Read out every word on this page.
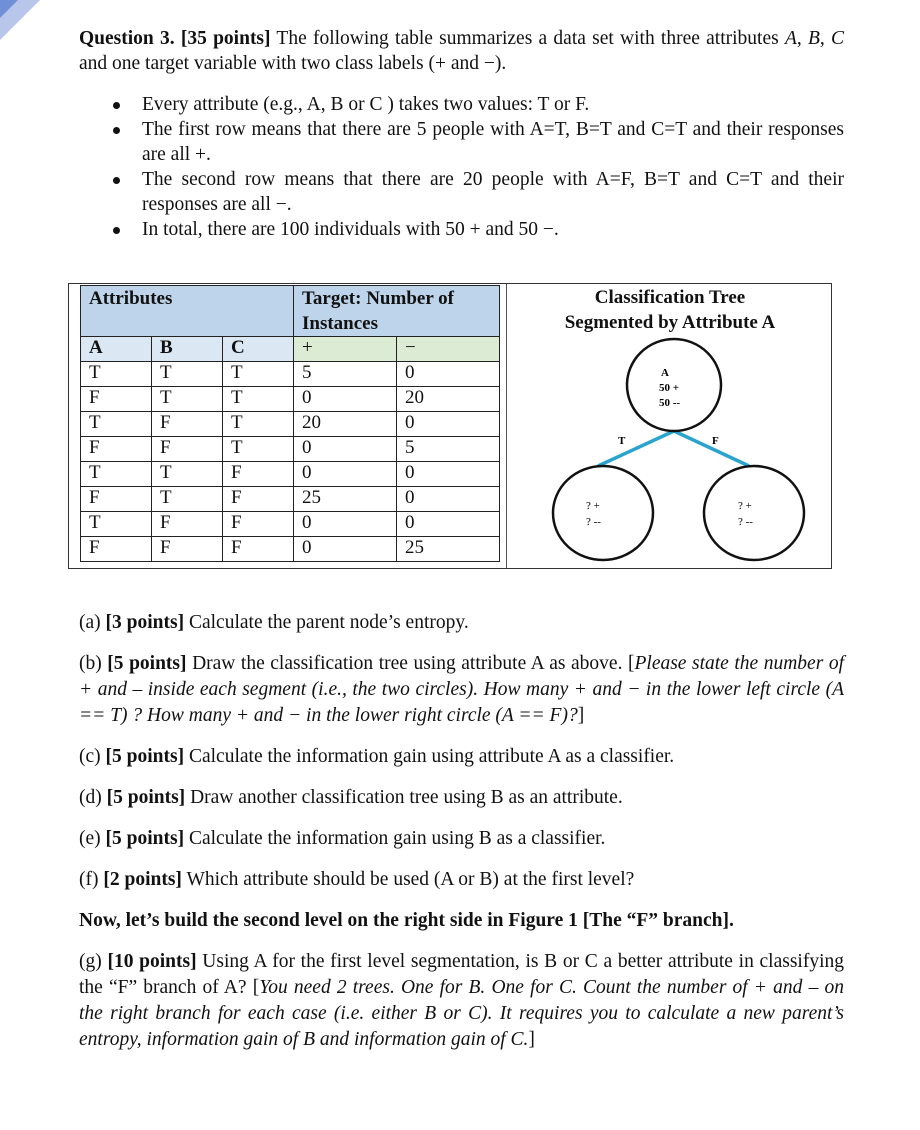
Question 3. [35 points] The following table summarizes a data set with three attributes A, B, C and one target variable with two class labels (+ and −).

Every attribute (e.g., A, B or C ) takes two values: T or F.
The first row means that there are 5 people with A=T, B=T and C=T and their responses are all +.
The second row means that there are 20 people with A=F, B=T and C=T and their responses are all −.
In total, there are 100 individuals with 50 + and 50 −.
Attributes			Target: Number of Instances	
A	B	C	+	−
T	T	T	5	0
F	T	T	0	20
T	F	T	20	0
F	F	T	0	5
T	T	F	0	0
F	T	F	25	0
T	F	F	0	0
F	F	F	0	25
Classification Tree
Segmented by Attribute A
A
50 +
50 --
T	F
? +
? --
? +
? --

(a) [3 points] Calculate the parent node’s entropy.

(b) [5 points] Draw the classification tree using attribute A as above. [Please state the number of + and – inside each segment (i.e., the two circles). How many + and − in the lower left circle (A == T) ? How many + and − in the lower right circle (A == F)?]

(c) [5 points] Calculate the information gain using attribute A as a classifier.

(d) [5 points] Draw another classification tree using B as an attribute.

(e) [5 points] Calculate the information gain using B as a classifier.

(f) [2 points] Which attribute should be used (A or B) at the first level?

Now, let’s build the second level on the right side in Figure 1 [The “F” branch].

(g) [10 points] Using A for the first level segmentation, is B or C a better attribute in classifying the “F” branch of A? [You need 2 trees. One for B. One for C. Count the number of + and – on the right branch for each case (i.e. either B or C). It requires you to calculate a new parent’s entropy, information gain of B and information gain of C.]
